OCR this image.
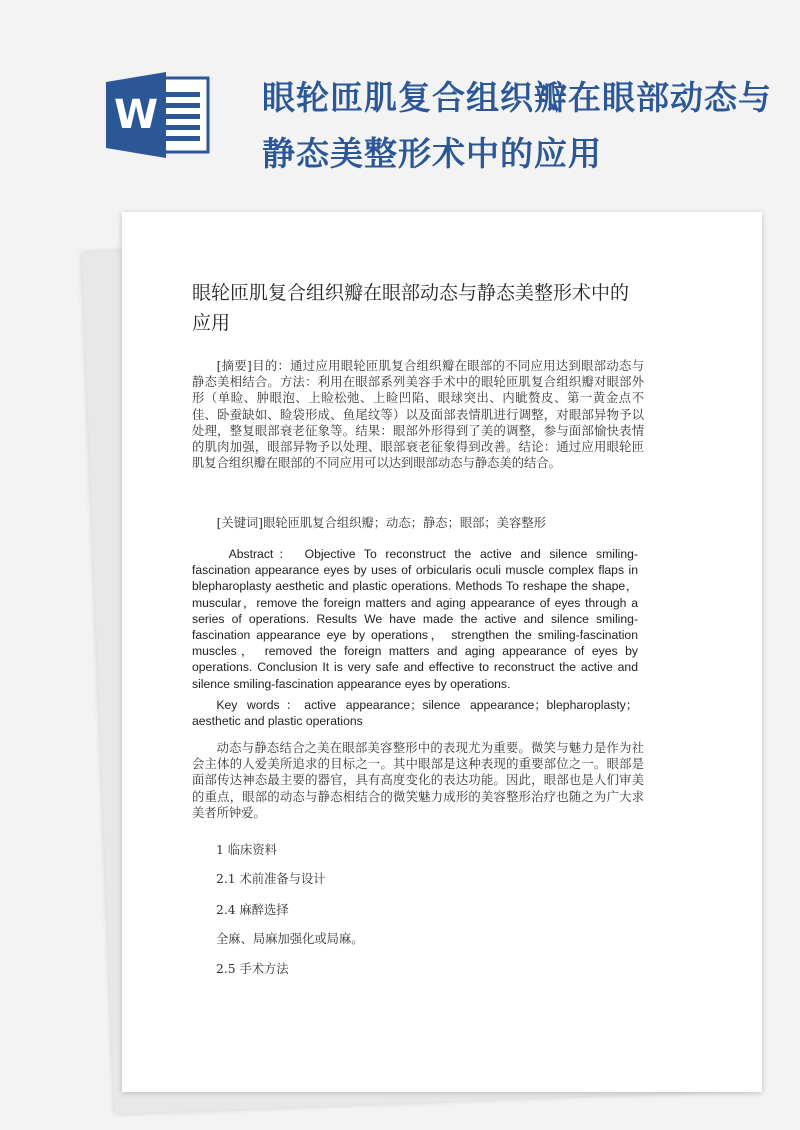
W	眼轮匝肌复合组织瓣在眼部动态与静态美整形术中的应用
眼轮匝肌复合组织瓣在眼部动态与静态美整形术中的应用

[摘要]目的：通过应用眼轮匝肌复合组织瓣在眼部的不同应用达到眼部动态与静态美相结合。方法：利用在眼部系列美容手术中的眼轮匝肌复合组织瓣对眼部外形（单睑、肿眼泡、上睑松弛、上睑凹陷、眼球突出、内眦赘皮、第一黄金点不佳、卧蚕缺如、睑袋形成、鱼尾纹等）以及面部表情肌进行调整，对眼部异物予以处理，整复眼部衰老征象等。结果：眼部外形得到了美的调整，参与面部愉快表情的肌肉加强，眼部异物予以处理、眼部衰老征象得到改善。结论：通过应用眼轮匝肌复合组织瓣在眼部的不同应用可以达到眼部动态与静态美的结合。

[关键词]眼轮匝肌复合组织瓣；动态；静态；眼部；美容整形

Abstract： Objective To reconstruct the active and silence smiling-fascination appearance eyes by uses of orbicularis oculi muscle complex flaps in blepharoplasty aesthetic and plastic operations. Methods To reshape the shape，muscular，remove the foreign matters and aging appearance of eyes through a series of operations. Results We have made the active and silence smiling-fascination appearance eye by operations， strengthen the smiling-fascination muscles， removed the foreign matters and aging appearance of eyes by operations. Conclusion It is very safe and effective to reconstruct the active and silence smiling-fascination appearance eyes by operations.

Key words：active appearance；silence appearance；blepharoplasty；aesthetic and plastic operations

动态与静态结合之美在眼部美容整形中的表现尤为重要。微笑与魅力是作为社会主体的人爱美所追求的目标之一。其中眼部是这种表现的重要部位之一。眼部是面部传达神态最主要的器官，具有高度变化的表达功能。因此，眼部也是人们审美的重点，眼部的动态与静态相结合的微笑魅力成形的美容整形治疗也随之为广大求美者所钟爱。

1 临床资料

2.1 术前准备与设计

2.4 麻醉选择

全麻、局麻加强化或局麻。

2.5 手术方法
